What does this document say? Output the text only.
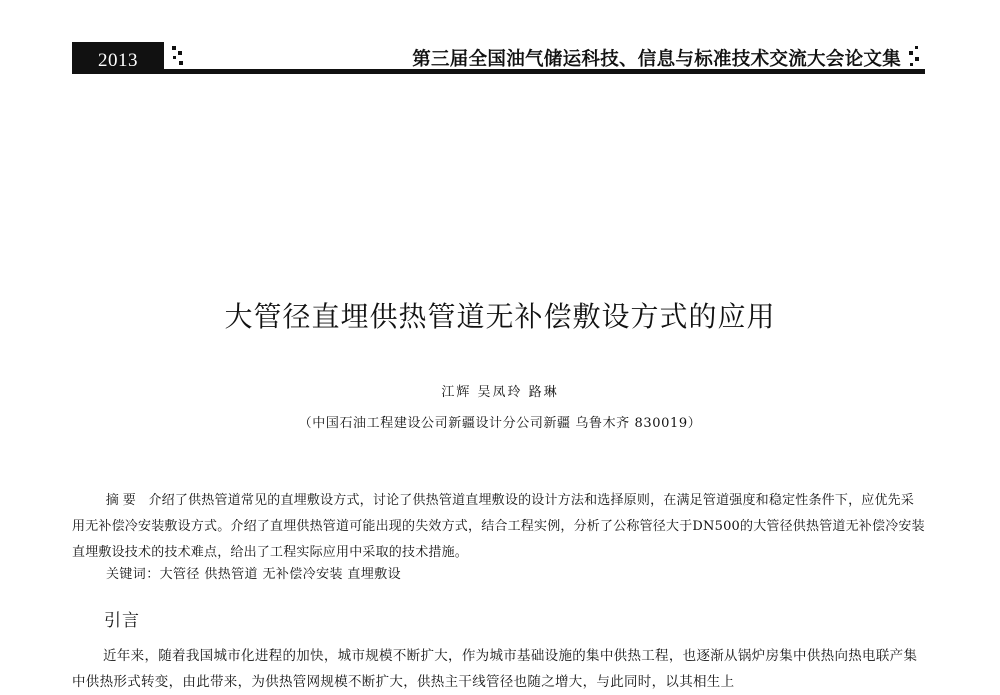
2013	第三届全国油气储运科技、信息与标准技术交流大会论文集
大管径直埋供热管道无补偿敷设方式的应用
江辉 吴凤玲 路琳
（中国石油工程建设公司新疆设计分公司新疆 乌鲁木齐 830019）
摘要 介绍了供热管道常见的直埋敷设方式，讨论了供热管道直埋敷设的设计方法和选择原则，在满足管道强度和稳定性条件下，应优先采用无补偿冷安装敷设方式。介绍了直埋供热管道可能出现的失效方式，结合工程实例，分析了公称管径大于DN500的大管径供热管道无补偿冷安装直埋敷设技术的技术难点，给出了工程实际应用中采取的技术措施。
关键词：大管径 供热管道 无补偿冷安装 直埋敷设
引言
近年来，随着我国城市化进程的加快，城市规模不断扩大，作为城市基础设施的集中供热工程，也逐渐从锅炉房集中供热向热电联产集中供热形式转变，由此带来，为供热管网规模不断扩大，供热主干线管径也随之增大，与此同时，以其相生上
